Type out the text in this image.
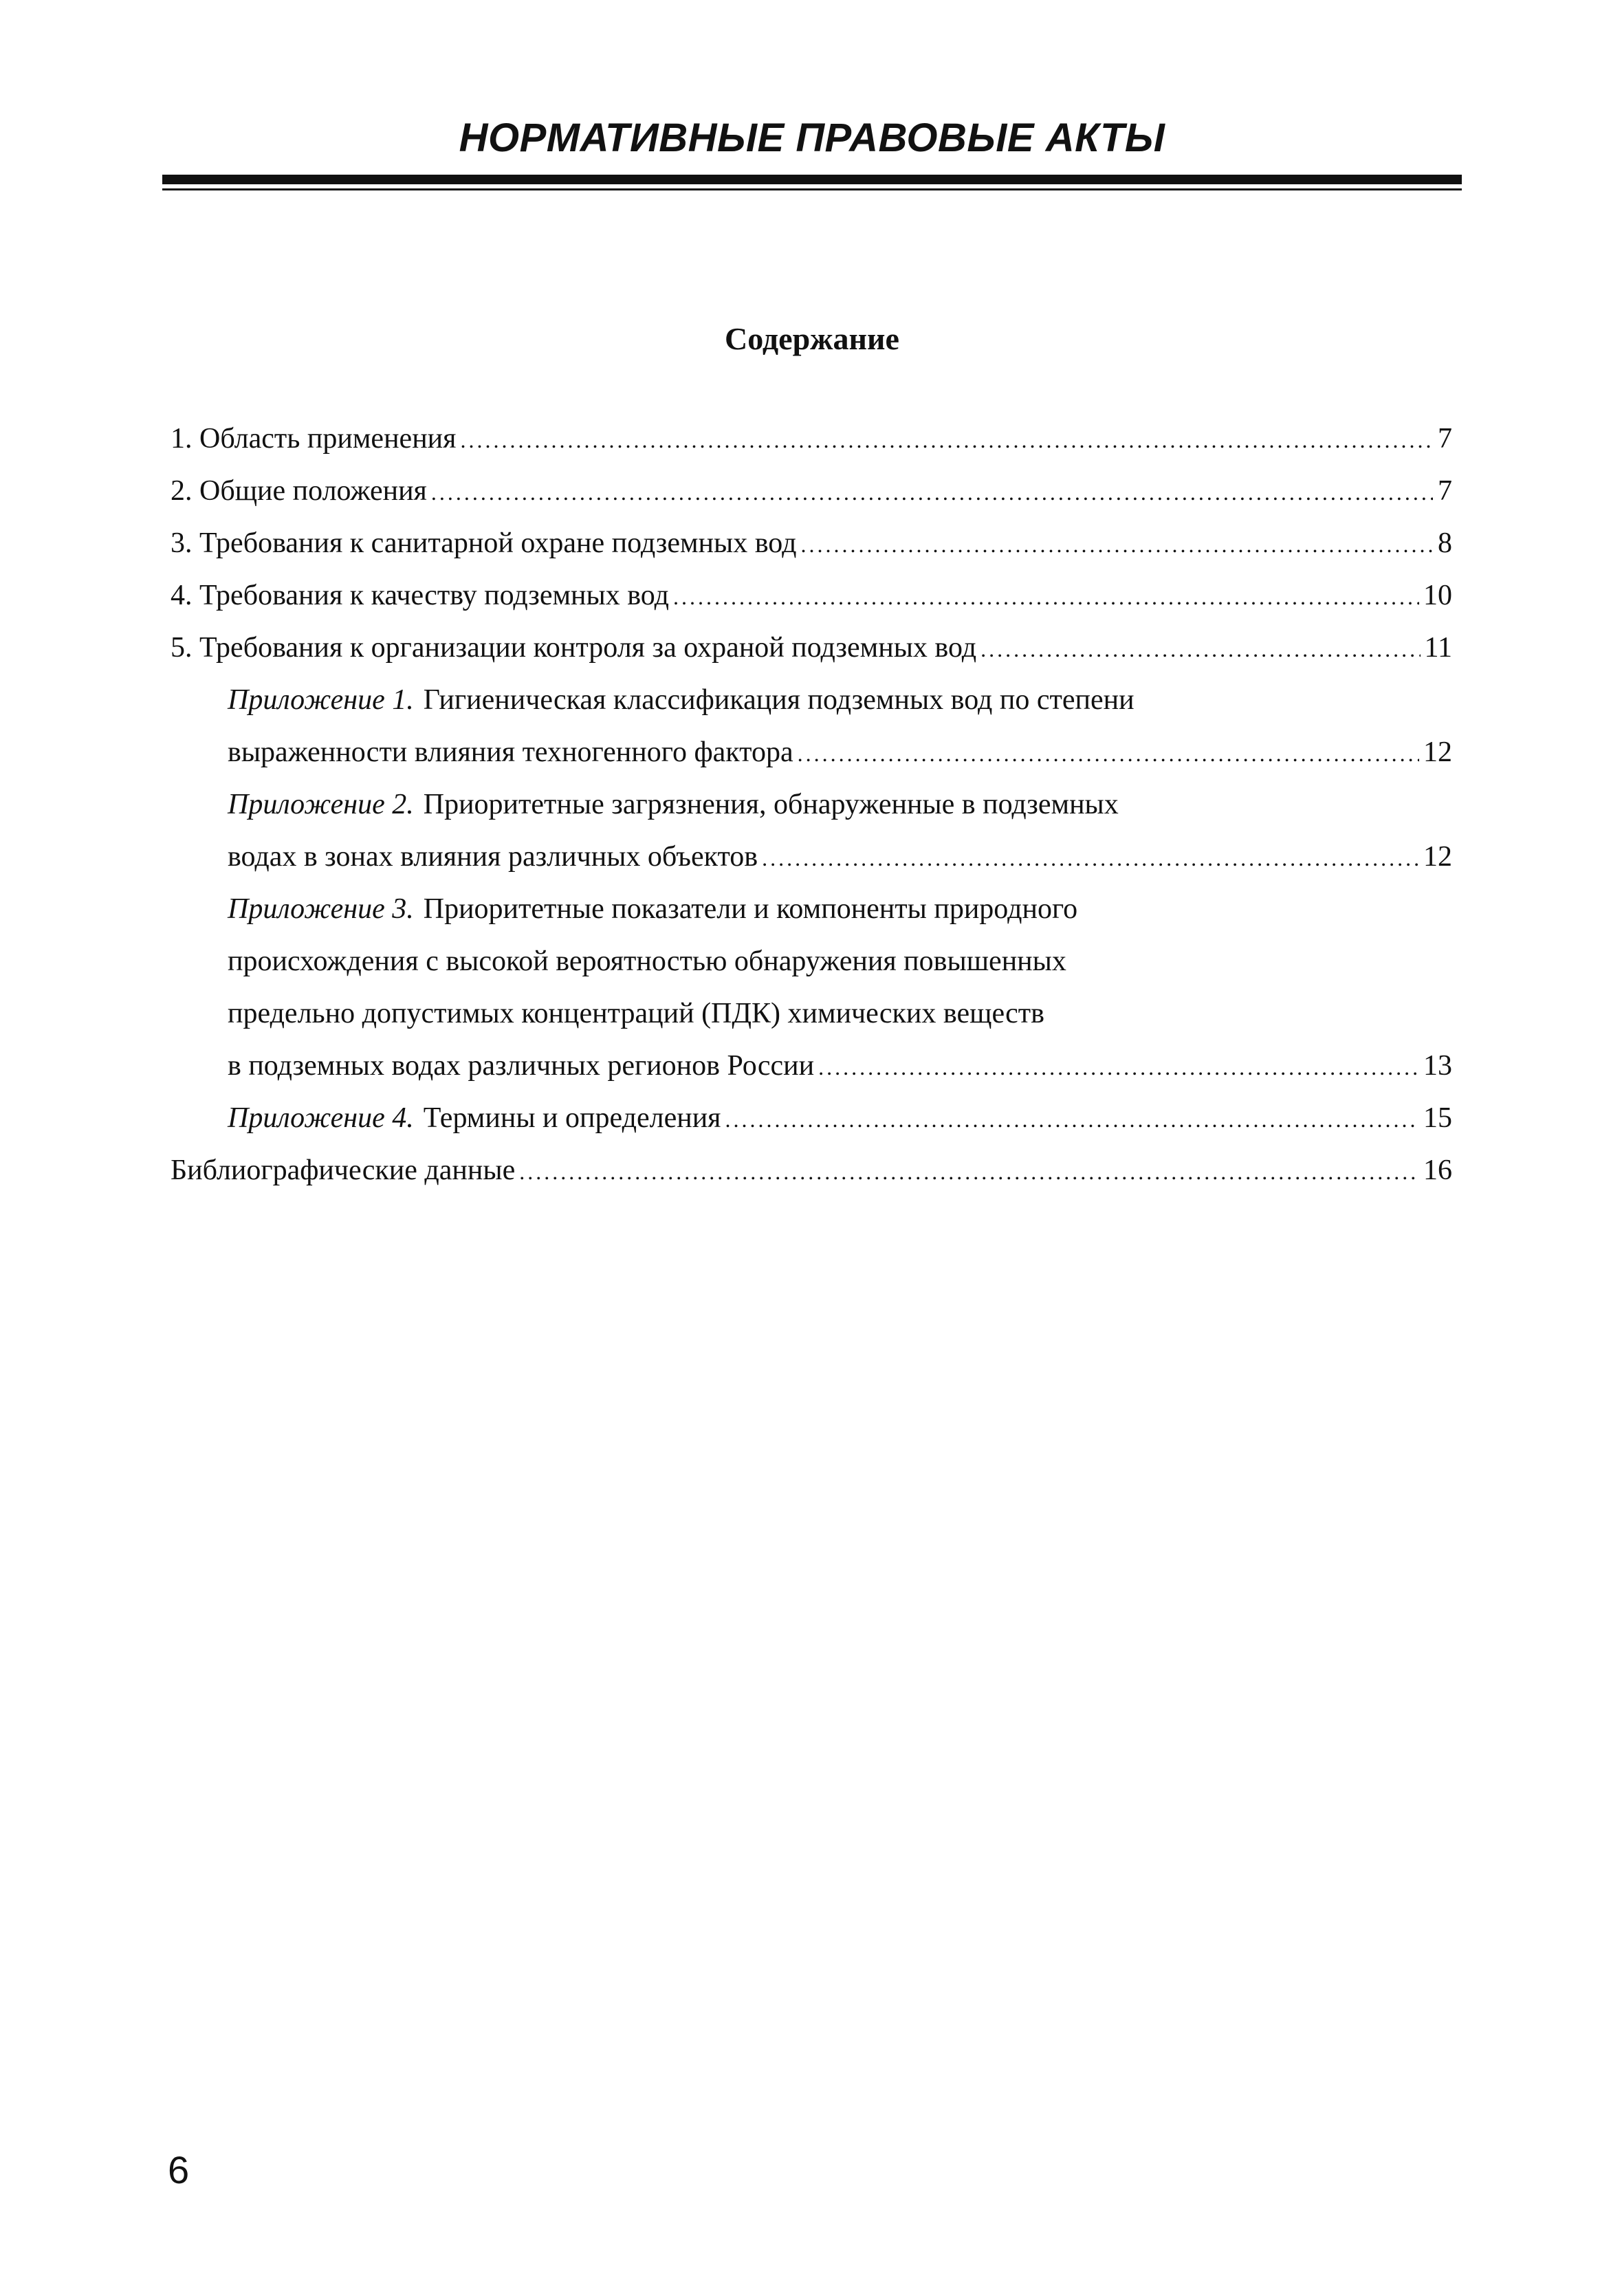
НОРМАТИВНЫЕ ПРАВОВЫЕ АКТЫ
Содержание
1. Область применения .....	7
2. Общие положения .....	7
3. Требования к санитарной охране подземных вод .....	8
4. Требования к качеству подземных вод .....	10
5. Требования к организации контроля за охраной подземных вод .....	11
Приложение 1. Гигиеническая классификация подземных вод по степени
выраженности влияния техногенного фактора .....	12
Приложение 2. Приоритетные загрязнения, обнаруженные в подземных
водах в зонах влияния различных объектов .....	12
Приложение 3. Приоритетные показатели и компоненты природного
происхождения с высокой вероятностью обнаружения повышенных
предельно допустимых концентраций (ПДК) химических веществ
в подземных водах различных регионов России .....	13
Приложение 4. Термины и определения .....	15
Библиографические данные .....	16
6
